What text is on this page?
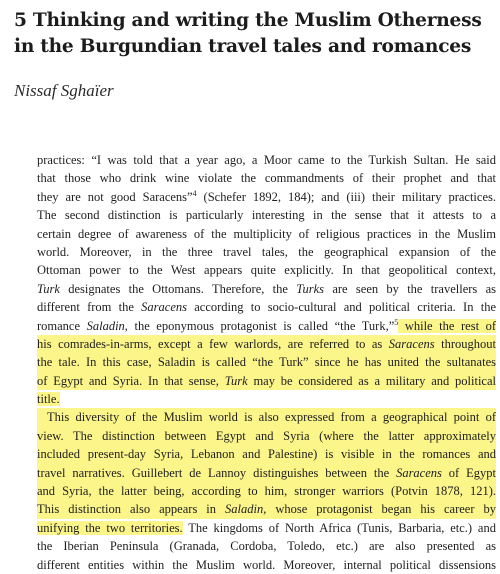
5 Thinking and writing the Muslim Otherness
in the Burgundian travel tales and romances

Nissaf Sghaïer

practices: “I was told that a year ago, a Moor came to the Turkish Sultan. He said
that those who drink wine violate the commandments of their prophet and that
they are not good Saracens”$^4$ (Schefer 1892, 184); and (iii) their military practices.
The second distinction is particularly interesting in the sense that it attests to a
certain degree of awareness of the multiplicity of religious practices in the Muslim
world. Moreover, in the three travel tales, the geographical expansion of the
Ottoman power to the West appears quite explicitly. In that geopolitical context,
Turk designates the Ottomans. Therefore, the Turks are seen by the travellers as
different from the Saracens according to socio-cultural and political criteria. In the
romance Saladin, the eponymous protagonist is called “the Turk,”$^5$ while the rest of
his comrades-in-arms, except a few warlords, are referred to as Saracens throughout
the tale. In this case, Saladin is called “the Turk” since he has united the sultanates
of Egypt and Syria. In that sense, Turk may be considered as a military and political
title.
This diversity of the Muslim world is also expressed from a geographical point of
view. The distinction between Egypt and Syria (where the latter approximately
included present-day Syria, Lebanon and Palestine) is visible in the romances and
travel narratives. Guillebert de Lannoy distinguishes between the Saracens of Egypt
and Syria, the latter being, according to him, stronger warriors (Potvin 1878, 121).
This distinction also appears in Saladin, whose protagonist began his career by
unifying the two territories. The kingdoms of North Africa (Tunis, Barbaria, etc.) and
the Iberian Peninsula (Granada, Cordoba, Toledo, etc.) are also presented as
different entities within the Muslim world. Moreover, internal political dissensions
